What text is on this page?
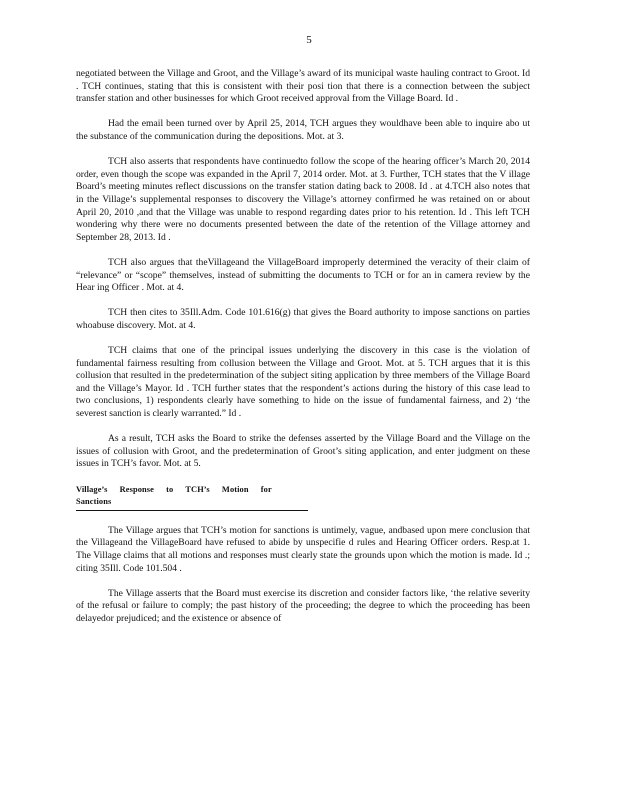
5

negotiated between the Village and Groot, and the Village’s award of its municipal waste hauling contract to Groot. Id . TCH continues, stating that this is consistent with their posi tion that there is a connection between the subject transfer station and other businesses for which Groot received approval from the Village Board. Id .

Had the email been turned over by April 25, 2014, TCH argues they wouldhave been able to inquire abo ut the substance of the communication during the depositions. Mot. at 3.

TCH also asserts that respondents have continuedto follow the scope of the hearing officer’s March 20, 2014 order, even though the scope was expanded in the April 7, 2014 order. Mot. at 3. Further, TCH states that the V illage Board’s meeting minutes reflect discussions on the transfer station dating back to 2008. Id . at 4.TCH also notes that in the Village’s supplemental responses to discovery the Village’s attorney confirmed he was retained on or about April 20, 2010 ,and that the Village was unable to respond regarding dates prior to his retention. Id . This left TCH wondering why there were no documents presented between the date of the retention of the Village attorney and September 28, 2013. Id .

TCH also argues that theVillageand the VillageBoard improperly determined the veracity of their claim of “relevance” or “scope” themselves, instead of submitting the documents to TCH or for an in camera review by the Hear ing Officer . Mot. at 4.

TCH then cites to 35Ill.Adm. Code 101.616(g) that gives the Board authority to impose sanctions on parties whoabuse discovery. Mot. at 4.

TCH claims that one of the principal issues underlying the discovery in this case is the violation of fundamental fairness resulting from collusion between the Village and Groot. Mot. at 5. TCH argues that it is this collusion that resulted in the predetermination of the subject siting application by three members of the Village Board and the Village’s Mayor. Id . TCH further states that the respondent’s actions during the history of this case lead to two conclusions, 1) respondents clearly have something to hide on the issue of fundamental fairness, and 2) ‘the severest sanction is clearly warranted.” Id .

As a result, TCH asks the Board to strike the defenses asserted by the Village Board and the Village on the issues of collusion with Groot, and the predetermination of Groot’s siting application, and enter judgment on these issues in TCH’s favor. Mot. at 5.

Village’s Response to TCH’s Motion for Sanctions

The Village argues that TCH’s motion for sanctions is untimely, vague, andbased upon mere conclusion that the Villageand the VillageBoard have refused to abide by unspecifie d rules and Hearing Officer orders. Resp.at 1. The Village claims that all motions and responses must clearly state the grounds upon which the motion is made. Id .; citing 35Ill. Code 101.504 .

The Village asserts that the Board must exercise its discretion and consider factors like, ‘the relative severity of the refusal or failure to comply; the past history of the proceeding; the degree to which the proceeding has been delayedor prejudiced; and the existence or absence of
